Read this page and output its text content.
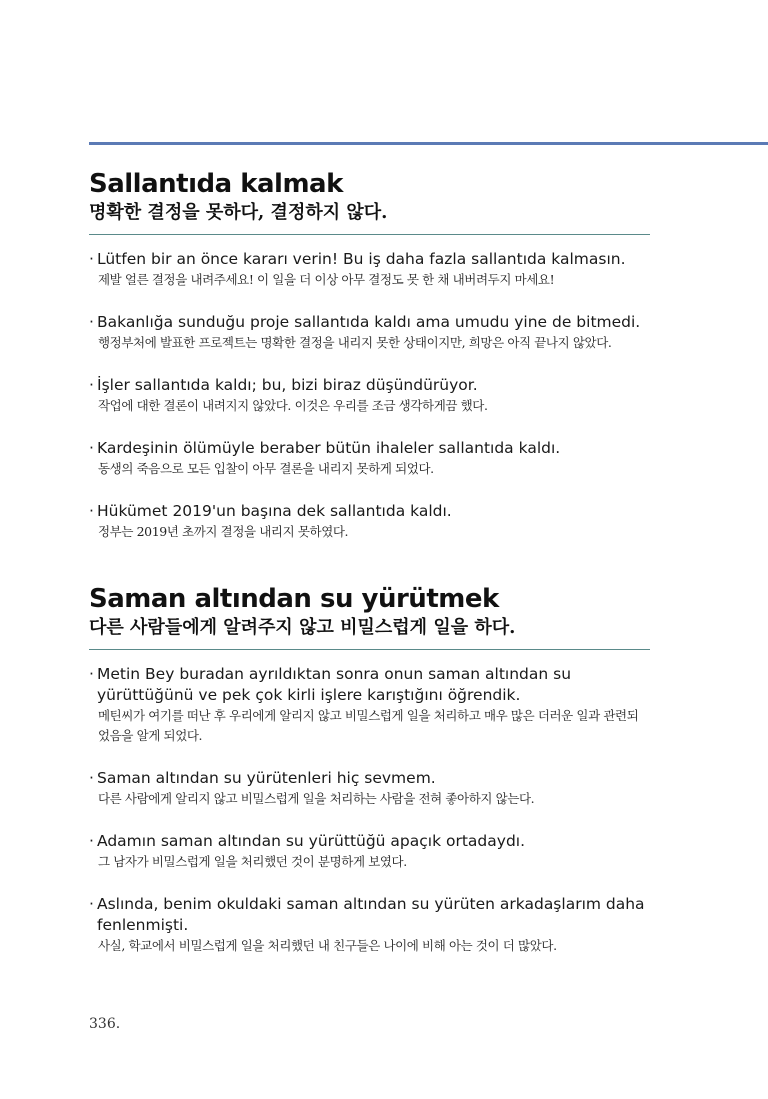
Sallantıda kalmak
명확한 결정을 못하다, 결정하지 않다.
· Lütfen bir an önce kararı verin! Bu iş daha fazla sallantıda kalmasın.
제발 얼른 결정을 내려주세요! 이 일을 더 이상 아무 결정도 못 한 채 내버려두지 마세요!
· Bakanlığa sunduğu proje sallantıda kaldı ama umudu yine de bitmedi.
행정부처에 발표한 프로젝트는 명확한 결정을 내리지 못한 상태이지만, 희망은 아직 끝나지 않았다.
· İşler sallantıda kaldı; bu, bizi biraz düşündürüyor.
작업에 대한 결론이 내려지지 않았다. 이것은 우리를 조금 생각하게끔 했다.
· Kardeşinin ölümüyle beraber bütün ihaleler sallantıda kaldı.
동생의 죽음으로 모든 입찰이 아무 결론을 내리지 못하게 되었다.
· Hükümet 2019'un başına dek sallantıda kaldı.
정부는 2019년 초까지 결정을 내리지 못하였다.
Saman altından su yürütmek
다른 사람들에게 알려주지 않고 비밀스럽게 일을 하다.
· Metin Bey buradan ayrıldıktan sonra onun saman altından su yürüttüğünü ve pek çok kirli işlere karıştığını öğrendik.
메틴씨가 여기를 떠난 후 우리에게 알리지 않고 비밀스럽게 일을 처리하고 매우 많은 더러운 일과 관련되었음을 알게 되었다.
· Saman altından su yürütenleri hiç sevmem.
다른 사람에게 알리지 않고 비밀스럽게 일을 처리하는 사람을 전혀 좋아하지 않는다.
· Adamın saman altından su yürüttüğü apaçık ortadaydı.
그 남자가 비밀스럽게 일을 처리했던 것이 분명하게 보였다.
· Aslında, benim okuldaki saman altından su yürüten arkadaşlarım daha fenlenmişti.
사실, 학교에서 비밀스럽게 일을 처리했던 내 친구들은 나이에 비해 아는 것이 더 많았다.
336.
